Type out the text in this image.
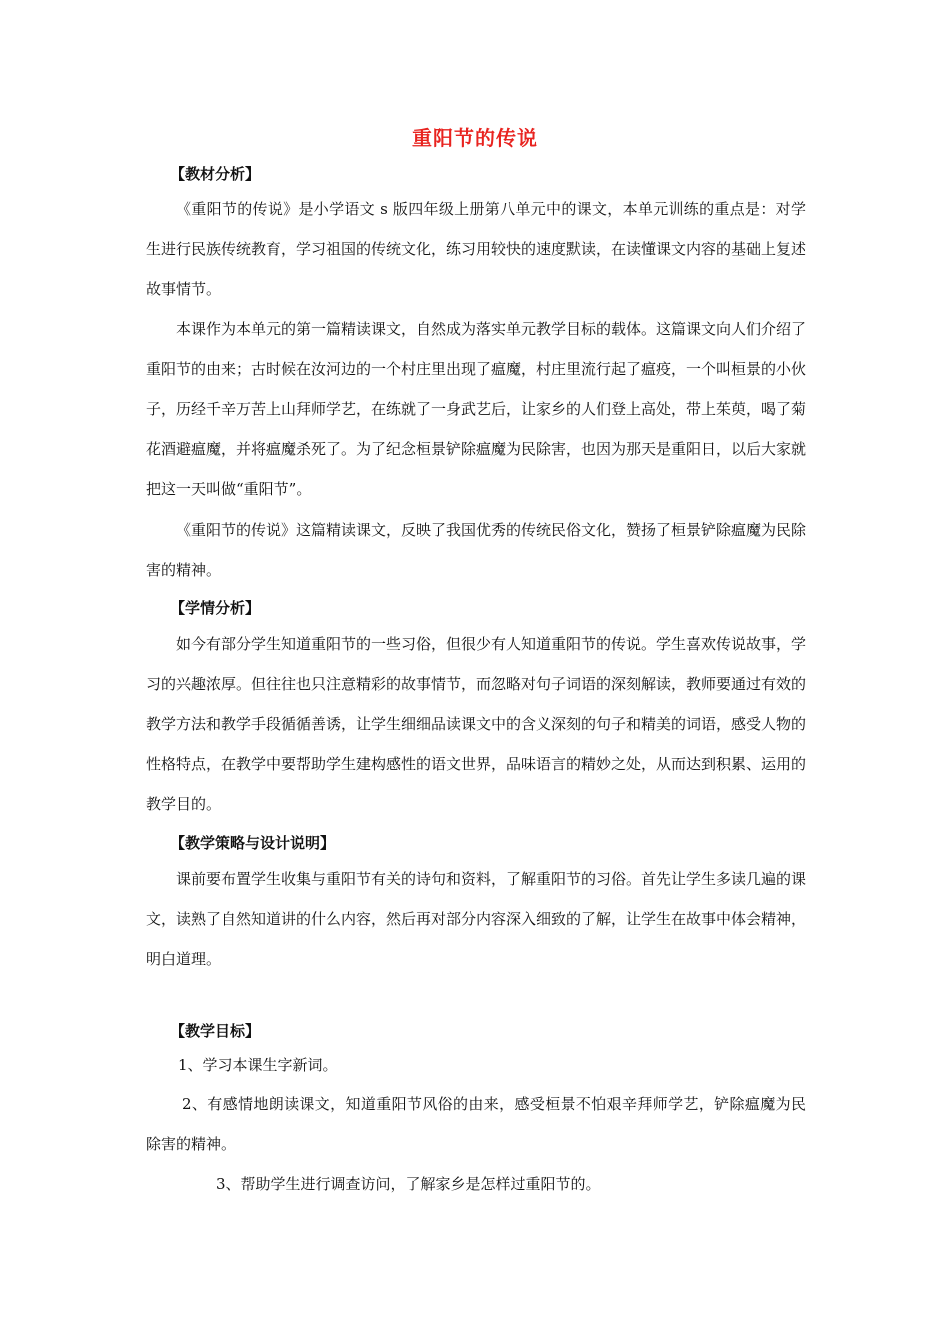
重阳节的传说
【教材分析】

《重阳节的传说》是小学语文 s 版四年级上册第八单元中的课文，本单元训练的重点是：对学生进行民族传统教育，学习祖国的传统文化，练习用较快的速度默读，在读懂课文内容的基础上复述故事情节。

本课作为本单元的第一篇精读课文，自然成为落实单元教学目标的载体。这篇课文向人们介绍了重阳节的由来；古时候在汝河边的一个村庄里出现了瘟魔，村庄里流行起了瘟疫，一个叫桓景的小伙子，历经千辛万苦上山拜师学艺，在练就了一身武艺后，让家乡的人们登上高处，带上茱萸，喝了菊花酒避瘟魔，并将瘟魔杀死了。为了纪念桓景铲除瘟魔为民除害，也因为那天是重阳日，以后大家就把这一天叫做“重阳节”。

《重阳节的传说》这篇精读课文，反映了我国优秀的传统民俗文化，赞扬了桓景铲除瘟魔为民除害的精神。

【学情分析】

如今有部分学生知道重阳节的一些习俗，但很少有人知道重阳节的传说。学生喜欢传说故事，学习的兴趣浓厚。但往往也只注意精彩的故事情节，而忽略对句子词语的深刻解读，教师要通过有效的教学方法和教学手段循循善诱，让学生细细品读课文中的含义深刻的句子和精美的词语，感受人物的性格特点，在教学中要帮助学生建构感性的语文世界，品味语言的精妙之处，从而达到积累、运用的教学目的。

【教学策略与设计说明】

课前要布置学生收集与重阳节有关的诗句和资料，了解重阳节的习俗。首先让学生多读几遍的课文，读熟了自然知道讲的什么内容，然后再对部分内容深入细致的了解，让学生在故事中体会精神，明白道理。

【教学目标】

1、学习本课生字新词。

2、有感情地朗读课文，知道重阳节风俗的由来，感受桓景不怕艰辛拜师学艺，铲除瘟魔为民除害的精神。

3、帮助学生进行调查访问，了解家乡是怎样过重阳节的。
